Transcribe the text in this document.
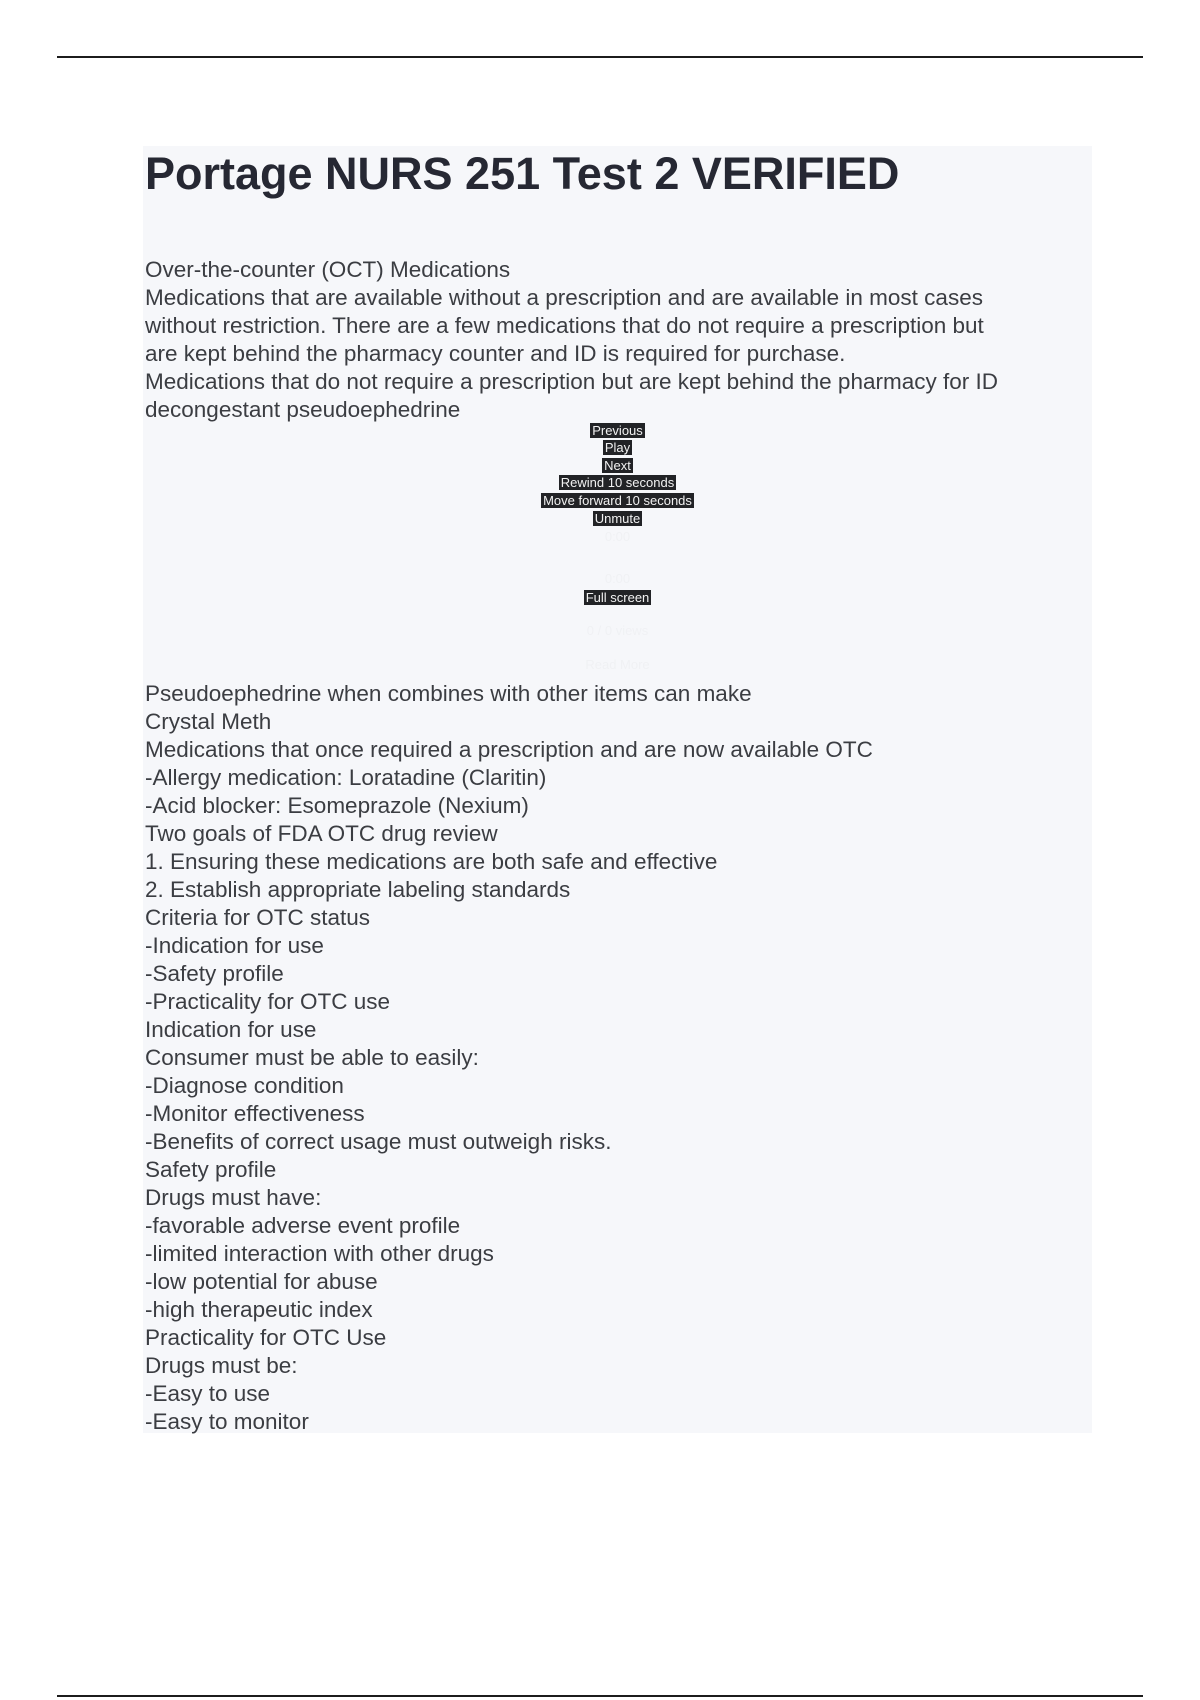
Portage NURS 251 Test 2 VERIFIED
Over-the-counter (OCT) Medications
Medications that are available without a prescription and are available in most cases
without restriction. There are a few medications that do not require a prescription but
are kept behind the pharmacy counter and ID is required for purchase.
Medications that do not require a prescription but are kept behind the pharmacy for ID
decongestant pseudoephedrine
Previous
Play
Next
Rewind 10 seconds
Move forward 10 seconds
Unmute
0:00
0:00
Full screen
0 / 0 views
Read More
Pseudoephedrine when combines with other items can make
Crystal Meth
Medications that once required a prescription and are now available OTC
-Allergy medication: Loratadine (Claritin)
-Acid blocker: Esomeprazole (Nexium)
Two goals of FDA OTC drug review
1. Ensuring these medications are both safe and effective
2. Establish appropriate labeling standards
Criteria for OTC status
-Indication for use
-Safety profile
-Practicality for OTC use
Indication for use
Consumer must be able to easily:
-Diagnose condition
-Monitor effectiveness
-Benefits of correct usage must outweigh risks.
Safety profile
Drugs must have:
-favorable adverse event profile
-limited interaction with other drugs
-low potential for abuse
-high therapeutic index
Practicality for OTC Use
Drugs must be:
-Easy to use
-Easy to monitor
